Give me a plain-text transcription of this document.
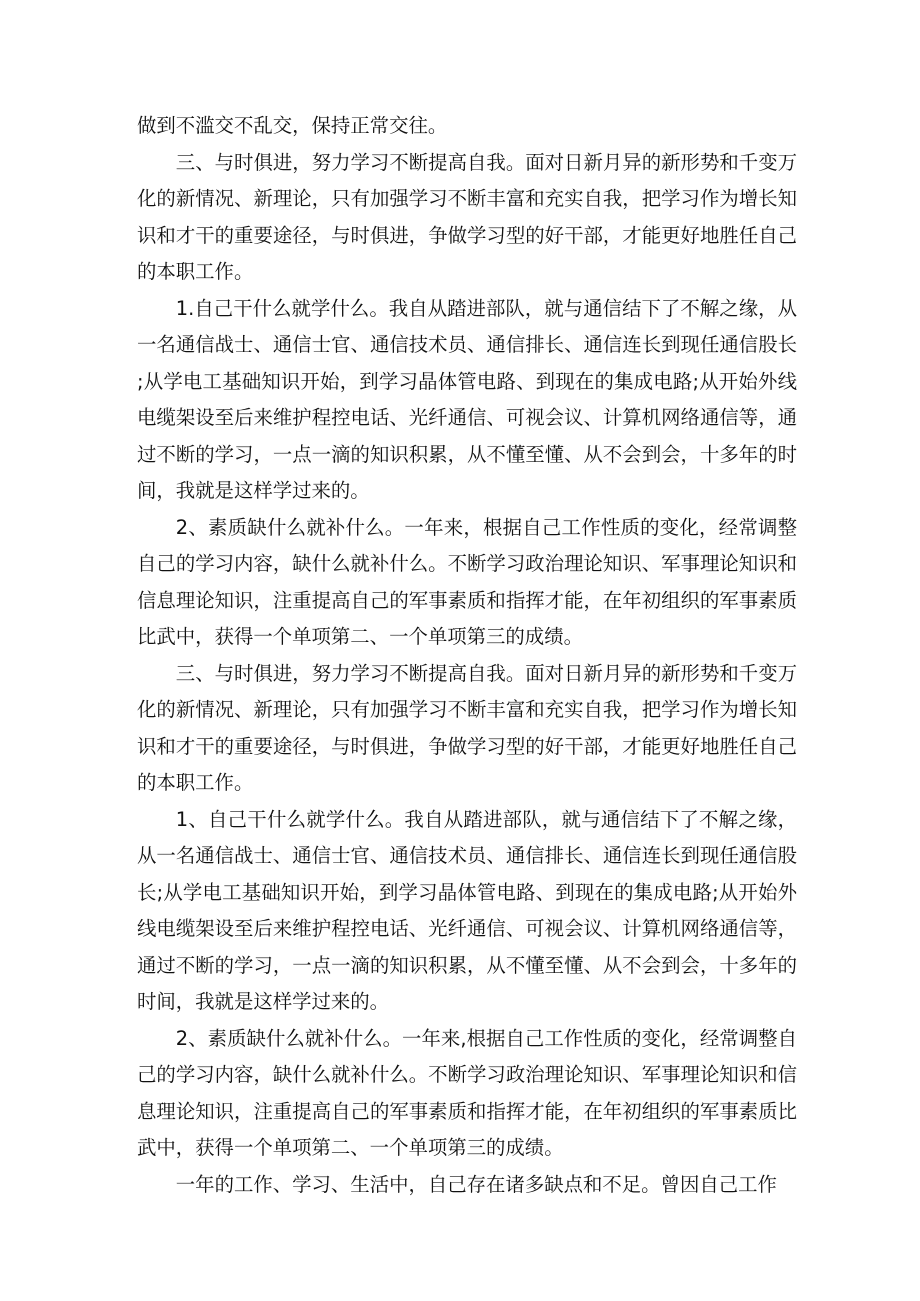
做到不滥交不乱交，保持正常交往。

三、与时俱进，努力学习不断提高自我。面对日新月异的新形势和千变万化的新情况、新理论，只有加强学习不断丰富和充实自我，把学习作为增长知识和才干的重要途径，与时俱进，争做学习型的好干部，才能更好地胜任自己的本职工作。

1.自己干什么就学什么。我自从踏进部队，就与通信结下了不解之缘，从一名通信战士、通信士官、通信技术员、通信排长、通信连长到现任通信股长;从学电工基础知识开始，到学习晶体管电路、到现在的集成电路;从开始外线电缆架设至后来维护程控电话、光纤通信、可视会议、计算机网络通信等，通过不断的学习，一点一滴的知识积累，从不懂至懂、从不会到会，十多年的时间，我就是这样学过来的。

2、素质缺什么就补什么。一年来，根据自己工作性质的变化，经常调整自己的学习内容，缺什么就补什么。不断学习政治理论知识、军事理论知识和信息理论知识，注重提高自己的军事素质和指挥才能，在年初组织的军事素质比武中，获得一个单项第二、一个单项第三的成绩。

三、与时俱进，努力学习不断提高自我。面对日新月异的新形势和千变万化的新情况、新理论，只有加强学习不断丰富和充实自我，把学习作为增长知识和才干的重要途径，与时俱进，争做学习型的好干部，才能更好地胜任自己的本职工作。

1、自己干什么就学什么。我自从踏进部队，就与通信结下了不解之缘，从一名通信战士、通信士官、通信技术员、通信排长、通信连长到现任通信股长;从学电工基础知识开始，到学习晶体管电路、到现在的集成电路;从开始外线电缆架设至后来维护程控电话、光纤通信、可视会议、计算机网络通信等，通过不断的学习，一点一滴的知识积累，从不懂至懂、从不会到会，十多年的时间，我就是这样学过来的。

2、素质缺什么就补什么。一年来,根据自己工作性质的变化，经常调整自己的学习内容，缺什么就补什么。不断学习政治理论知识、军事理论知识和信息理论知识，注重提高自己的军事素质和指挥才能，在年初组织的军事素质比武中，获得一个单项第二、一个单项第三的成绩。

一年的工作、学习、生活中，自己存在诸多缺点和不足。曾因自己工作
